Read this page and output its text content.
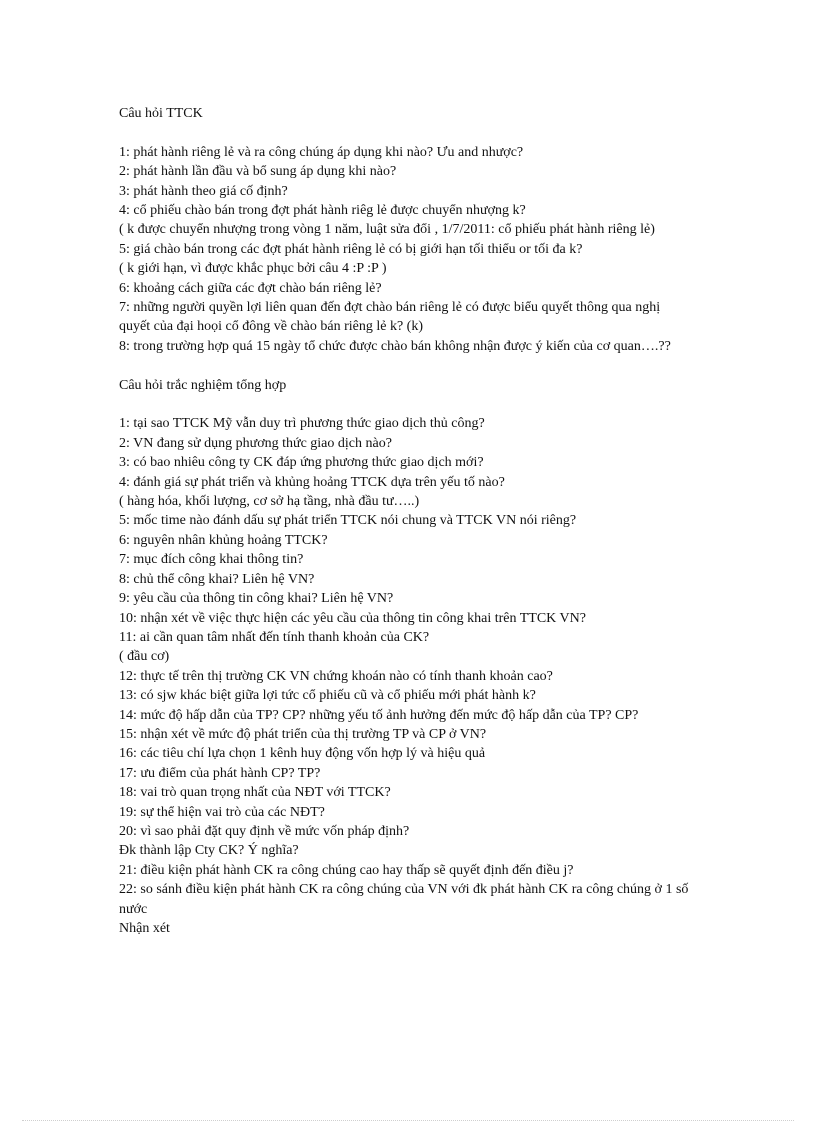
Câu hỏi TTCK
1: phát hành riêng lẻ và ra công chúng áp dụng khi nào? Ưu and nhược?
2: phát hành lần đầu và bổ sung áp dụng khi nào?
3: phát hành theo giá cố định?
4: cổ phiếu chào bán trong đợt phát hành riêg lẻ được chuyển nhượng k?
( k được chuyển nhượng trong vòng 1 năm, luật sửa đổi , 1/7/2011: cổ phiếu phát hành riêng lẻ)
5: giá chào bán trong các đợt phát hành riêng lẻ có bị giới hạn tối thiểu or tối đa k?
( k giới hạn, vì được khắc phục bởi câu 4 :P :P )
6: khoảng cách giữa các đợt chào bán riêng lẻ?
7: những người quyền lợi liên quan đến đợt chào bán riêng lẻ có được biểu quyết thông qua nghị quyết của đại hoọi cổ đông về chào bán riêng lẻ k? (k)
8: trong trường hợp quá 15 ngày tổ chức được chào bán không nhận được ý kiến của cơ quan….??
Câu hỏi trắc nghiệm tổng hợp
1: tại sao TTCK Mỹ vẫn duy trì phương thức giao dịch thủ công?
2: VN đang sử dụng phương thức giao dịch nào?
3: có bao nhiêu công ty CK đáp ứng phương thức giao dịch mới?
4: đánh giá sự phát triển và khủng hoảng TTCK dựa trên yếu tố nào?
( hàng hóa, khối lượng, cơ sở hạ tầng, nhà đầu tư…..)
5: mốc time nào đánh dấu sự phát triển TTCK nói chung và TTCK VN nói riêng?
6: nguyên nhân khủng hoảng TTCK?
7: mục đích công khai thông tin?
8: chủ thể công khai? Liên hệ VN?
9: yêu cầu của thông tin công khai? Liên hệ VN?
10: nhận xét về việc thực hiện các yêu cầu của thông tin công khai trên TTCK VN?
11: ai cần quan tâm nhất đến tính thanh khoản của CK?
( đầu cơ)
12: thực tế trên thị trường CK VN chứng khoán nào có tính thanh khoản cao?
13: có sjw khác biệt giữa lợi tức cổ phiếu cũ và cổ phiếu mới phát hành k?
14: mức độ hấp dẫn của TP? CP? những yếu tố ảnh hưởng đến mức độ hấp dẫn của TP? CP?
15: nhận xét về mức độ phát triển của thị trường TP và CP ở VN?
16: các tiêu chí lựa chọn 1 kênh huy động vốn hợp lý và hiệu quả
17: ưu điểm của phát hành CP? TP?
18: vai trò quan trọng nhất của NĐT với TTCK?
19: sự thể hiện vai trò của các NĐT?
20: vì sao phải đặt quy định về mức vốn pháp định?
Đk thành lập Cty CK? Ý nghĩa?
21: điều kiện phát hành CK ra công chúng cao hay thấp sẽ quyết định đến điều j?
22: so sánh điều kiện phát hành CK ra công chúng của VN với đk phát hành CK ra công chúng ở 1 số nước
Nhận xét
